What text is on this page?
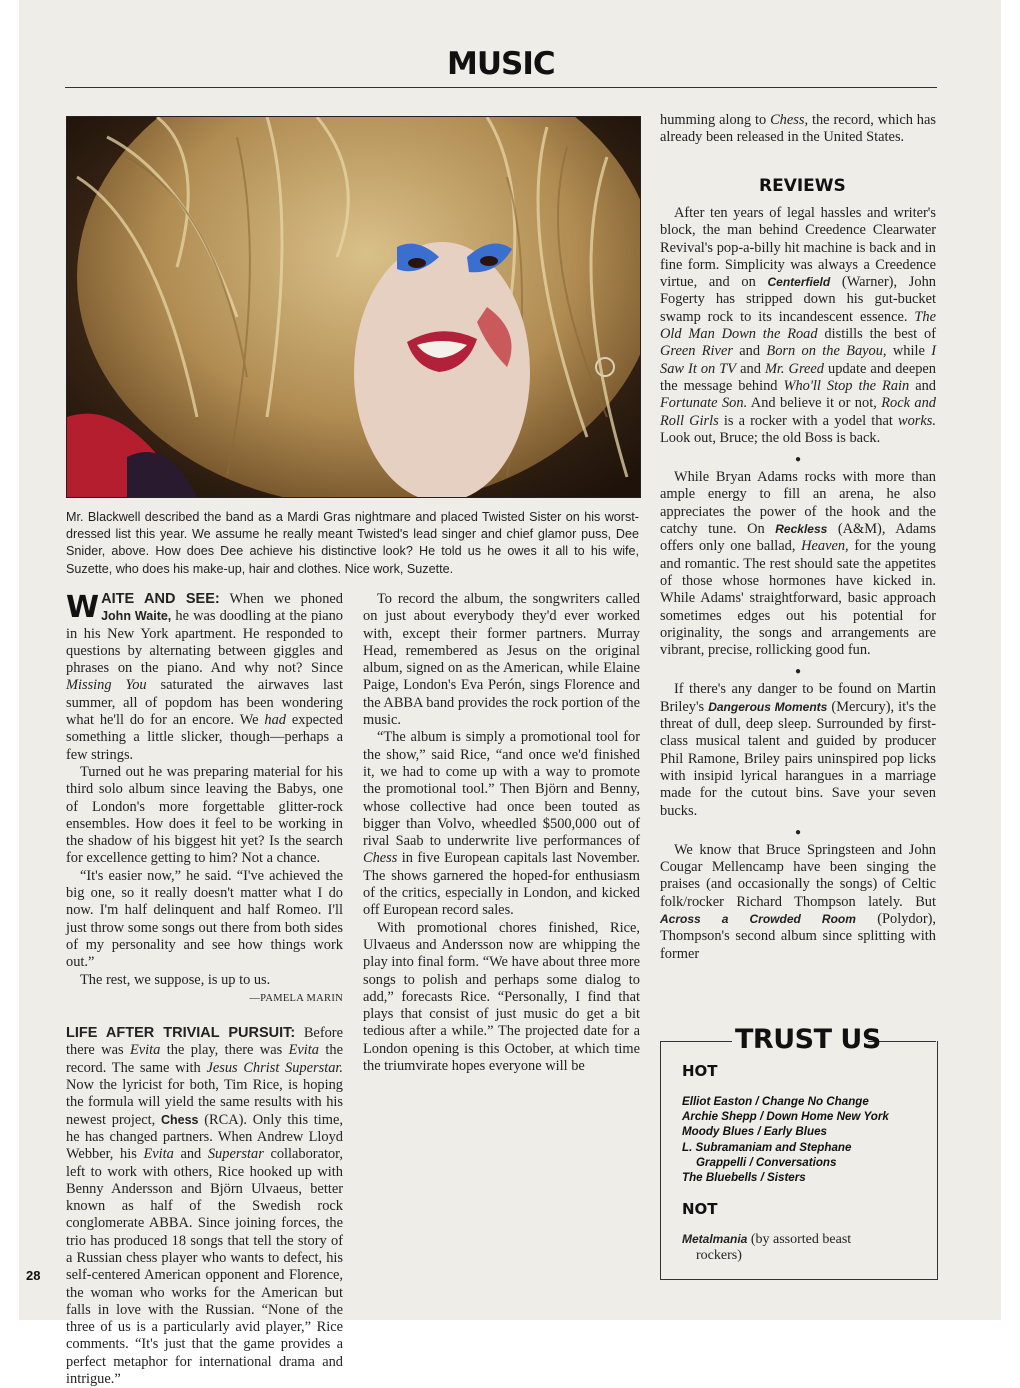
MUSIC
Mr. Blackwell described the band as a Mardi Gras nightmare and placed Twisted Sister on his worst-dressed list this year. We assume he really meant Twisted's lead singer and chief glamor puss, Dee Snider, above. How does Dee achieve his distinctive look? He told us he owes it all to his wife, Suzette, who does his make-up, hair and clothes. Nice work, Suzette.

WAITE AND SEE: When we phoned John Waite, he was doodling at the piano in his New York apartment. He responded to questions by alternating between giggles and phrases on the piano. And why not? Since Missing You saturated the airwaves last summer, all of popdom has been wondering what he'll do for an encore. We had expected something a little slicker, though—perhaps a few strings.

Turned out he was preparing material for his third solo album since leaving the Babys, one of London's more forgettable glitter-rock ensembles. How does it feel to be working in the shadow of his biggest hit yet? Is the search for excellence getting to him? Not a chance.

“It's easier now,” he said. “I've achieved the big one, so it really doesn't matter what I do now. I'm half delinquent and half Romeo. I'll just throw some songs out there from both sides of my personality and see how things work out.”

The rest, we suppose, is up to us.

—PAMELA MARIN

LIFE AFTER TRIVIAL PURSUIT: Before there was Evita the play, there was Evita the record. The same with Jesus Christ Superstar. Now the lyricist for both, Tim Rice, is hoping the formula will yield the same results with his newest project, Chess (RCA). Only this time, he has changed partners. When Andrew Lloyd Webber, his Evita and Superstar collaborator, left to work with others, Rice hooked up with Benny Andersson and Björn Ulvaeus, better known as half of the Swedish rock conglomerate ABBA. Since joining forces, the trio has produced 18 songs that tell the story of a Russian chess player who wants to defect, his self-centered American opponent and Florence, the woman who works for the American but falls in love with the Russian. “None of the three of us is a particularly avid player,” Rice comments. “It's just that the game provides a perfect metaphor for international drama and intrigue.”

To record the album, the songwriters called on just about everybody they'd ever worked with, except their former partners. Murray Head, remembered as Jesus on the original album, signed on as the American, while Elaine Paige, London's Eva Perón, sings Florence and the ABBA band provides the rock portion of the music.

“The album is simply a promotional tool for the show,” said Rice, “and once we'd finished it, we had to come up with a way to promote the promotional tool.” Then Björn and Benny, whose collective had once been touted as bigger than Volvo, wheedled $500,000 out of rival Saab to underwrite live performances of Chess in five European capitals last November. The shows garnered the hoped-for enthusiasm of the critics, especially in London, and kicked off European record sales.

With promotional chores finished, Rice, Ulvaeus and Andersson now are whipping the play into final form. “We have about three more songs to polish and perhaps some dialog to add,” forecasts Rice. “Personally, I find that plays that consist of just music do get a bit tedious after a while.” The projected date for a London opening is this October, at which time the triumvirate hopes everyone will be

humming along to Chess, the record, which has already been released in the United States.

REVIEWS

After ten years of legal hassles and writer's block, the man behind Creedence Clearwater Revival's pop-a-billy hit machine is back and in fine form. Simplicity was always a Creedence virtue, and on Centerfield (Warner), John Fogerty has stripped down his gut-bucket swamp rock to its incandescent essence. The Old Man Down the Road distills the best of Green River and Born on the Bayou, while I Saw It on TV and Mr. Greed update and deepen the message behind Who'll Stop the Rain and Fortunate Son. And believe it or not, Rock and Roll Girls is a rocker with a yodel that works. Look out, Bruce; the old Boss is back.

●

While Bryan Adams rocks with more than ample energy to fill an arena, he also appreciates the power of the hook and the catchy tune. On Reckless (A&M), Adams offers only one ballad, Heaven, for the young and romantic. The rest should sate the appetites of those whose hormones have kicked in. While Adams' straightforward, basic approach sometimes edges out his potential for originality, the songs and arrangements are vibrant, precise, rollicking good fun.

●

If there's any danger to be found on Martin Briley's Dangerous Moments (Mercury), it's the threat of dull, deep sleep. Surrounded by first-class musical talent and guided by producer Phil Ramone, Briley pairs uninspired pop licks with insipid lyrical harangues in a marriage made for the cutout bins. Save your seven bucks.

●

We know that Bruce Springsteen and John Cougar Mellencamp have been singing the praises (and occasionally the songs) of Celtic folk/rocker Richard Thompson lately. But Across a Crowded Room (Polydor), Thompson's second album since splitting with former

TRUST US
HOT
Elliot Easton / Change No Change
Archie Shepp / Down Home New York
Moody Blues / Early Blues
L. Subramaniam and Stephane
Grappelli / Conversations
The Bluebells / Sisters
NOT
Metalmania (by assorted beast
rockers)
28
